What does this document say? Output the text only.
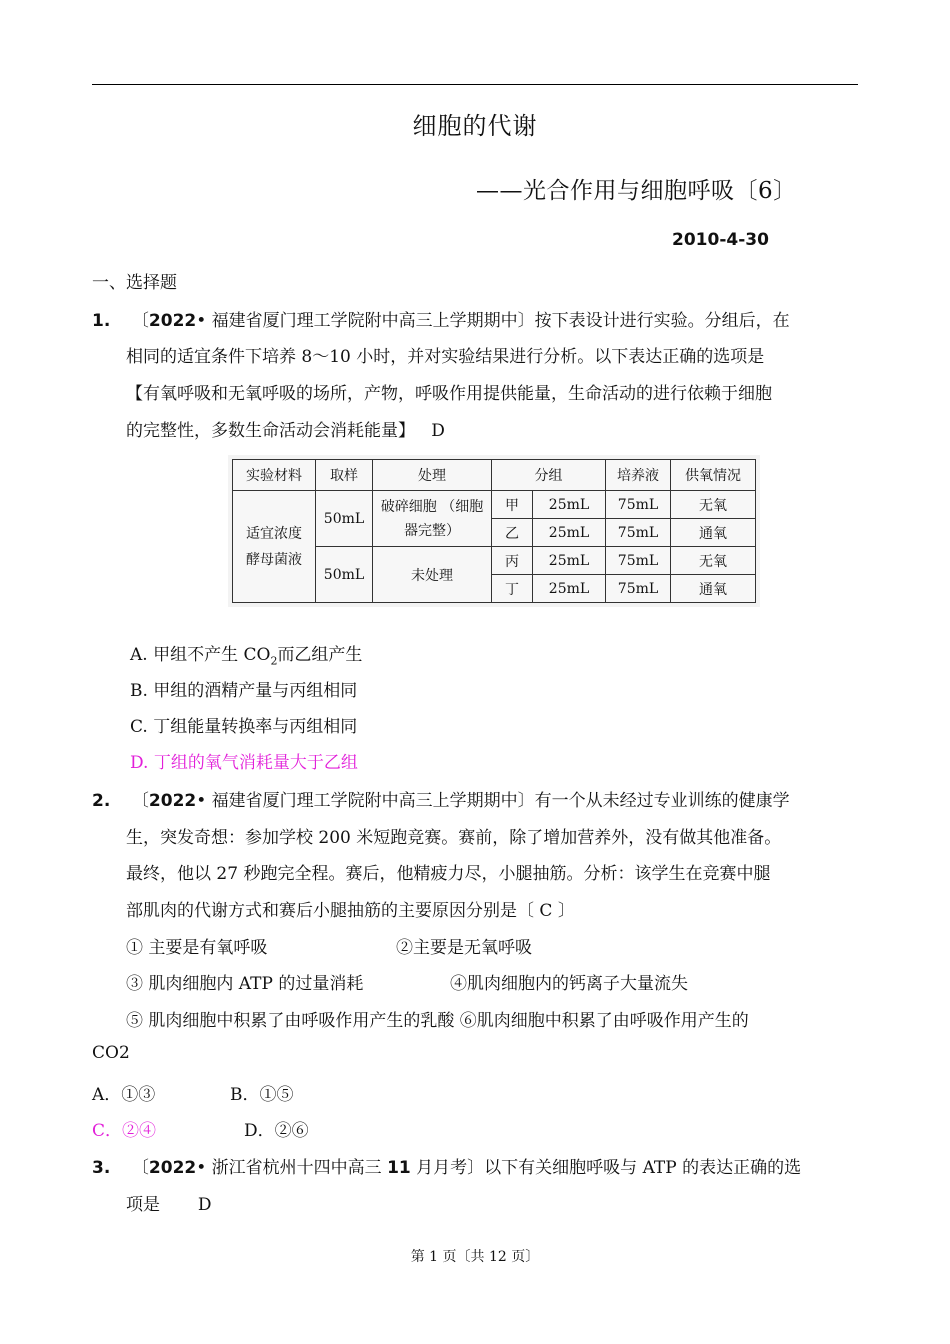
细胞的代谢
——光合作用与细胞呼吸〔6〕
2010-4-30
一、选择题
1. 〔2022• 福建省厦门理工学院附中高三上学期期中〕按下表设计进行实验。分组后，在
相同的适宜条件下培养 8～10 小时，并对实验结果进行分析。以下表达正确的选项是
【有氧呼吸和无氧呼吸的场所，产物，呼吸作用提供能量，生命活动的进行依赖于细胞
的完整性，多数生命活动会消耗能量】 D
实验材料	取样	处理	分组		培养液	供氧情况
适宜浓度 酵母菌液	50mL	破碎细胞 （细胞器完整）	甲	25mL	75mL	无氧
			乙	25mL	75mL	通氧
	50mL	未处理	丙	25mL	75mL	无氧
			丁	25mL	75mL	通氧
A. 甲组不产生 $CO_2$而乙组产生
B. 甲组的酒精产量与丙组相同
C. 丁组能量转换率与丙组相同
D. 丁组的氧气消耗量大于乙组
2. 〔2022• 福建省厦门理工学院附中高三上学期期中〕有一个从未经过专业训练的健康学
生，突发奇想：参加学校 200 米短跑竞赛。赛前，除了增加营养外，没有做其他准备。
最终，他以 27 秒跑完全程。赛后，他精疲力尽，小腿抽筋。分析：该学生在竞赛中腿
部肌肉的代谢方式和赛后小腿抽筋的主要原因分别是〔 C 〕
① 主要是有氧呼吸	②主要是无氧呼吸
③ 肌肉细胞内 ATP 的过量消耗	④肌肉细胞内的钙离子大量流失
⑤ 肌肉细胞中积累了由呼吸作用产生的乳酸 ⑥肌肉细胞中积累了由呼吸作用产生的
CO2
A．①③	B．①⑤
C．②④	D．②⑥
3. 〔2022• 浙江省杭州十四中高三 11 月月考〕以下有关细胞呼吸与 ATP 的表达正确的选
项是 D
第 1 页〔共 12 页〕
